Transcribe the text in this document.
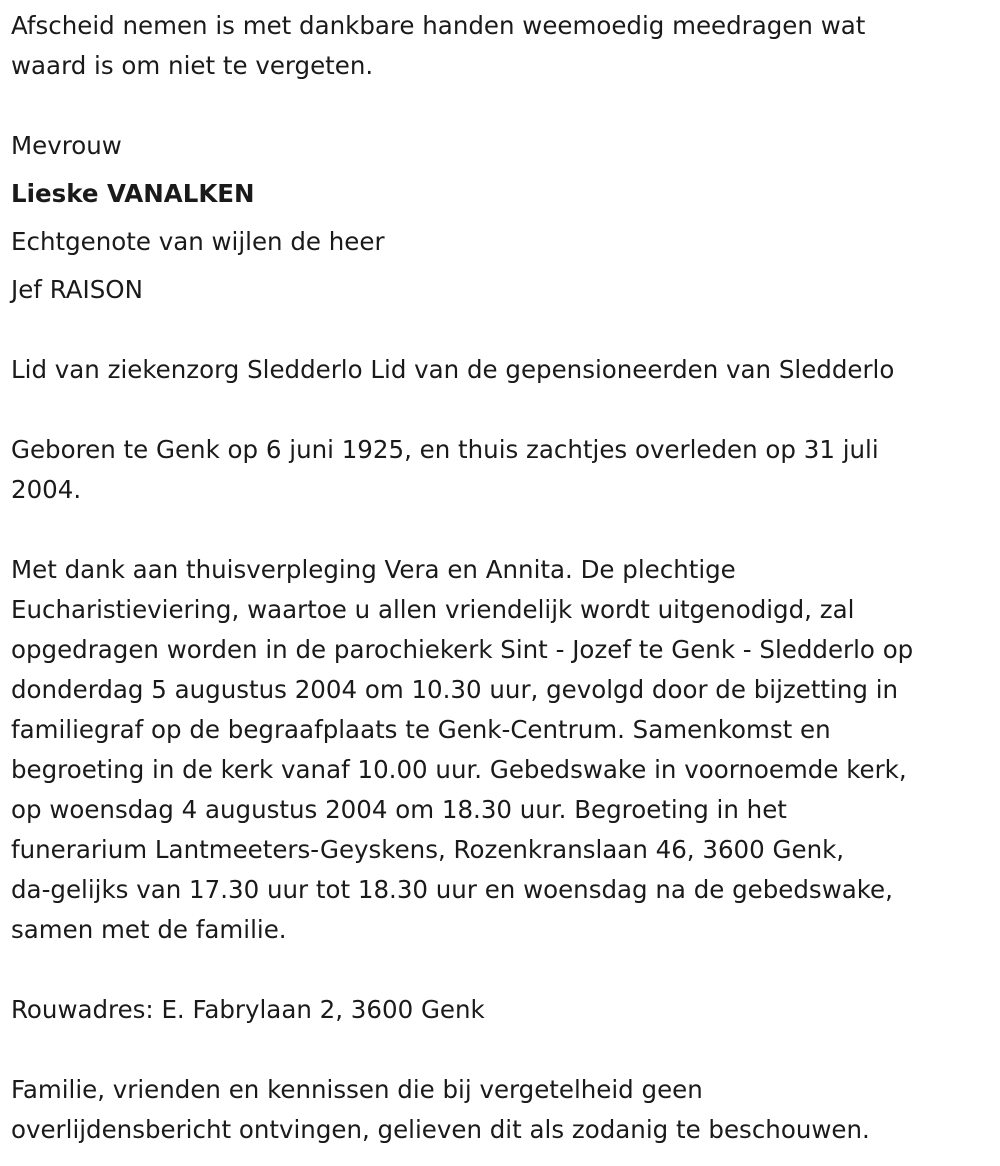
Afscheid nemen is met dankbare handen weemoedig meedragen wat
waard is om niet te vergeten.
Mevrouw
Lieske VANALKEN
Echtgenote van wijlen de heer
Jef RAISON
Lid van ziekenzorg Sledderlo Lid van de gepensioneerden van Sledderlo
Geboren te Genk op 6 juni 1925, en thuis zachtjes overleden op 31 juli
2004.
Met dank aan thuisverpleging Vera en Annita. De plechtige
Eucharistieviering, waartoe u allen vriendelijk wordt uitgenodigd, zal
opgedragen worden in de parochiekerk Sint - Jozef te Genk - Sledderlo op
donderdag 5 augustus 2004 om 10.30 uur, gevolgd door de bijzetting in
familiegraf op de begraafplaats te Genk-Centrum. Samenkomst en
begroeting in de kerk vanaf 10.00 uur. Gebedswake in voornoemde kerk,
op woensdag 4 augustus 2004 om 18.30 uur. Begroeting in het
funerarium Lantmeeters-Geyskens, Rozenkranslaan 46, 3600 Genk,
da-gelijks van 17.30 uur tot 18.30 uur en woensdag na de gebedswake,
samen met de familie.
Rouwadres: E. Fabrylaan 2, 3600 Genk
Familie, vrienden en kennissen die bij vergetelheid geen
overlijdensbericht ontvingen, gelieven dit als zodanig te beschouwen.
